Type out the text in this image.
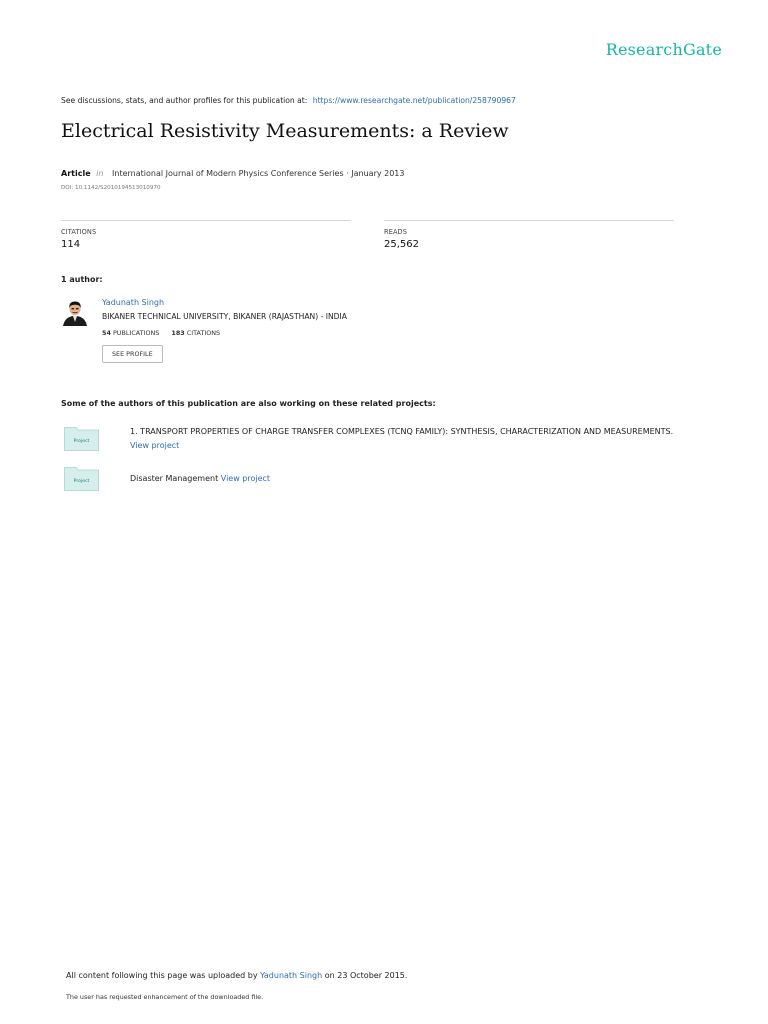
ResearchGate
See discussions, stats, and author profiles for this publication at: https://www.researchgate.net/publication/258790967
Electrical Resistivity Measurements: a Review
Article in International Journal of Modern Physics Conference Series · January 2013
DOI: 10.1142/S2010194513010970
CITATIONS
114
READS
25,562
1 author:
Yadunath Singh
BIKANER TECHNICAL UNIVERSITY, BIKANER (RAJASTHAN) - INDIA
54 PUBLICATIONS 183 CITATIONS
SEE PROFILE
Some of the authors of this publication are also working on these related projects:
Project
1. TRANSPORT PROPERTIES OF CHARGE TRANSFER COMPLEXES (TCNQ FAMILY): SYNTHESIS, CHARACTERIZATION AND MEASUREMENTS.
View project
Project	Disaster Management View project
All content following this page was uploaded by Yadunath Singh on 23 October 2015.
The user has requested enhancement of the downloaded file.
